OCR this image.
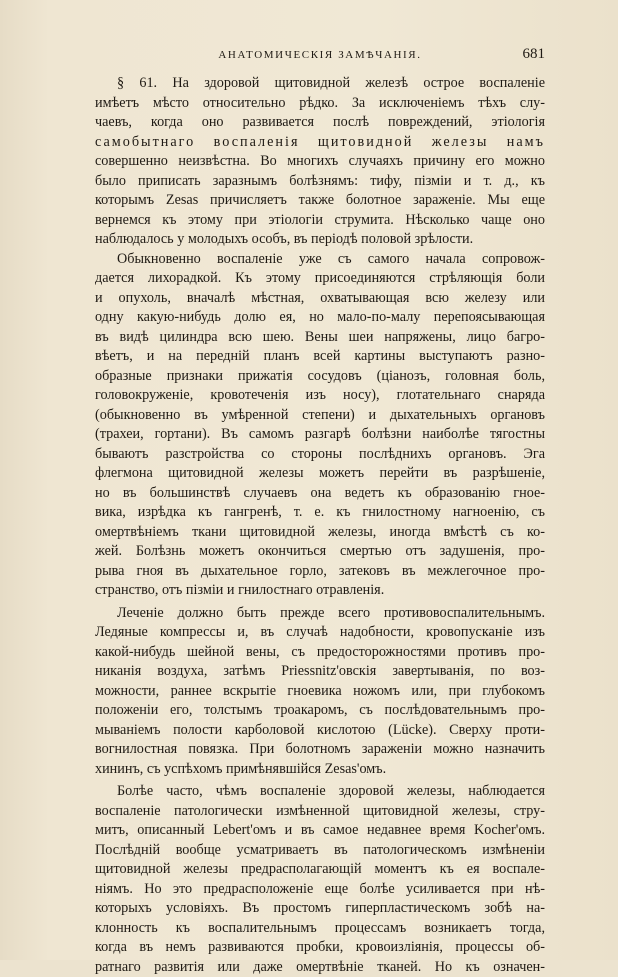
АНАТОМИЧЕСКІЯ ЗАМѢЧАНІЯ.	681
§ 61. На здоровой щитовидной железѣ острое воспаленіе
имѣетъ мѣсто относительно рѣдко. За исключеніемъ тѣхъ слу-
чаевъ, когда оно развивается послѣ повреждений, этіологія
самобытнаго воспаленія щитовидной железы намъ
совершенно неизвѣстна. Во многихъ случаяхъ причину его можно
было приписать заразнымъ болѣзнямъ: тифу, пізміи и т. д., къ
которымъ Zesas причисляетъ также болотное зараженіе. Мы еще
вернемся къ этому при этіологіи струмита. Нѣсколько чаще оно
наблюдалось у молодыхъ особъ, въ періодѣ половой зрѣлости.
Обыкновенно воспаленіе уже съ самого начала сопровож-
дается лихорадкой. Къ этому присоединяются стрѣляющія боли
и опухоль, вначалѣ мѣстная, охватывающая всю железу или
одну какую-нибудь долю ея, но мало-по-малу перепоясывающая
въ видѣ цилиндра всю шею. Вены шеи напряжены, лицо багро-
вѣетъ, и на передній планъ всей картины выступаютъ разно-
образные признаки прижатія сосудовъ (ціанозъ, головная боль,
головокруженіе, кровотеченія изъ носу), глотательнаго снаряда
(обыкновенно въ умѣренной степени) и дыхательныхъ органовъ
(трахеи, гортани). Въ самомъ разгарѣ болѣзни наиболѣе тягостны
бываютъ разстройства со стороны послѣднихъ органовъ. Эга
флегмона щитовидной железы можетъ перейти въ разрѣшеніе,
но въ большинствѣ случаевъ она ведетъ къ образованію гное-
вика, изрѣдка къ гангренѣ, т. е. къ гнилостному нагноенію, съ
омертвѣніемъ ткани щитовидной железы, иногда вмѣстѣ съ ко-
жей. Болѣзнь можетъ окончиться смертью отъ задушенія, про-
рыва гноя въ дыхательное горло, затековъ въ межлегочное про-
странство, отъ пізміи и гнилостнаго отравленія.
Леченіе должно быть прежде всего противовоспалительнымъ.
Ледяные компрессы и, въ случаѣ надобности, кровопусканіе изъ
какой-нибудь шейной вены, съ предосторожностями противъ про-
никанія воздуха, затѣмъ Priessnitz'овскія завертыванія, по воз-
можности, раннее вскрытіе гноевика ножомъ или, при глубокомъ
положеніи его, толстымъ троакаромъ, съ послѣдовательнымъ про-
мываніемъ полости карболовой кислотою (Lücke). Сверху проти-
вогнилостная повязка. При болотномъ зараженіи можно назначить
хининъ, съ успѣхомъ примѣнявшійся Zesas'омъ.
Болѣе часто, чѣмъ воспаленіе здоровой железы, наблюдается
воспаленіе патологически измѣненной щитовидной железы, стру-
митъ, описанный Lebert'омъ и въ самое недавнее время Kocher'омъ.
Послѣдній вообще усматриваетъ въ патологическомъ измѣненіи
щитовидной железы предрасполагающій моментъ къ ея воспале-
ніямъ. Но это предрасположеніе еще болѣе усиливается при нѣ-
которыхъ условіяхъ. Въ простомъ гиперпластическомъ зобѣ на-
клонность къ воспалительнымъ процессамъ возникаетъ тогда,
когда въ немъ развиваются пробки, кровоизліянія, процессы об-
ратнаго развитія или даже омертвѣніе тканей. Но къ означен-
